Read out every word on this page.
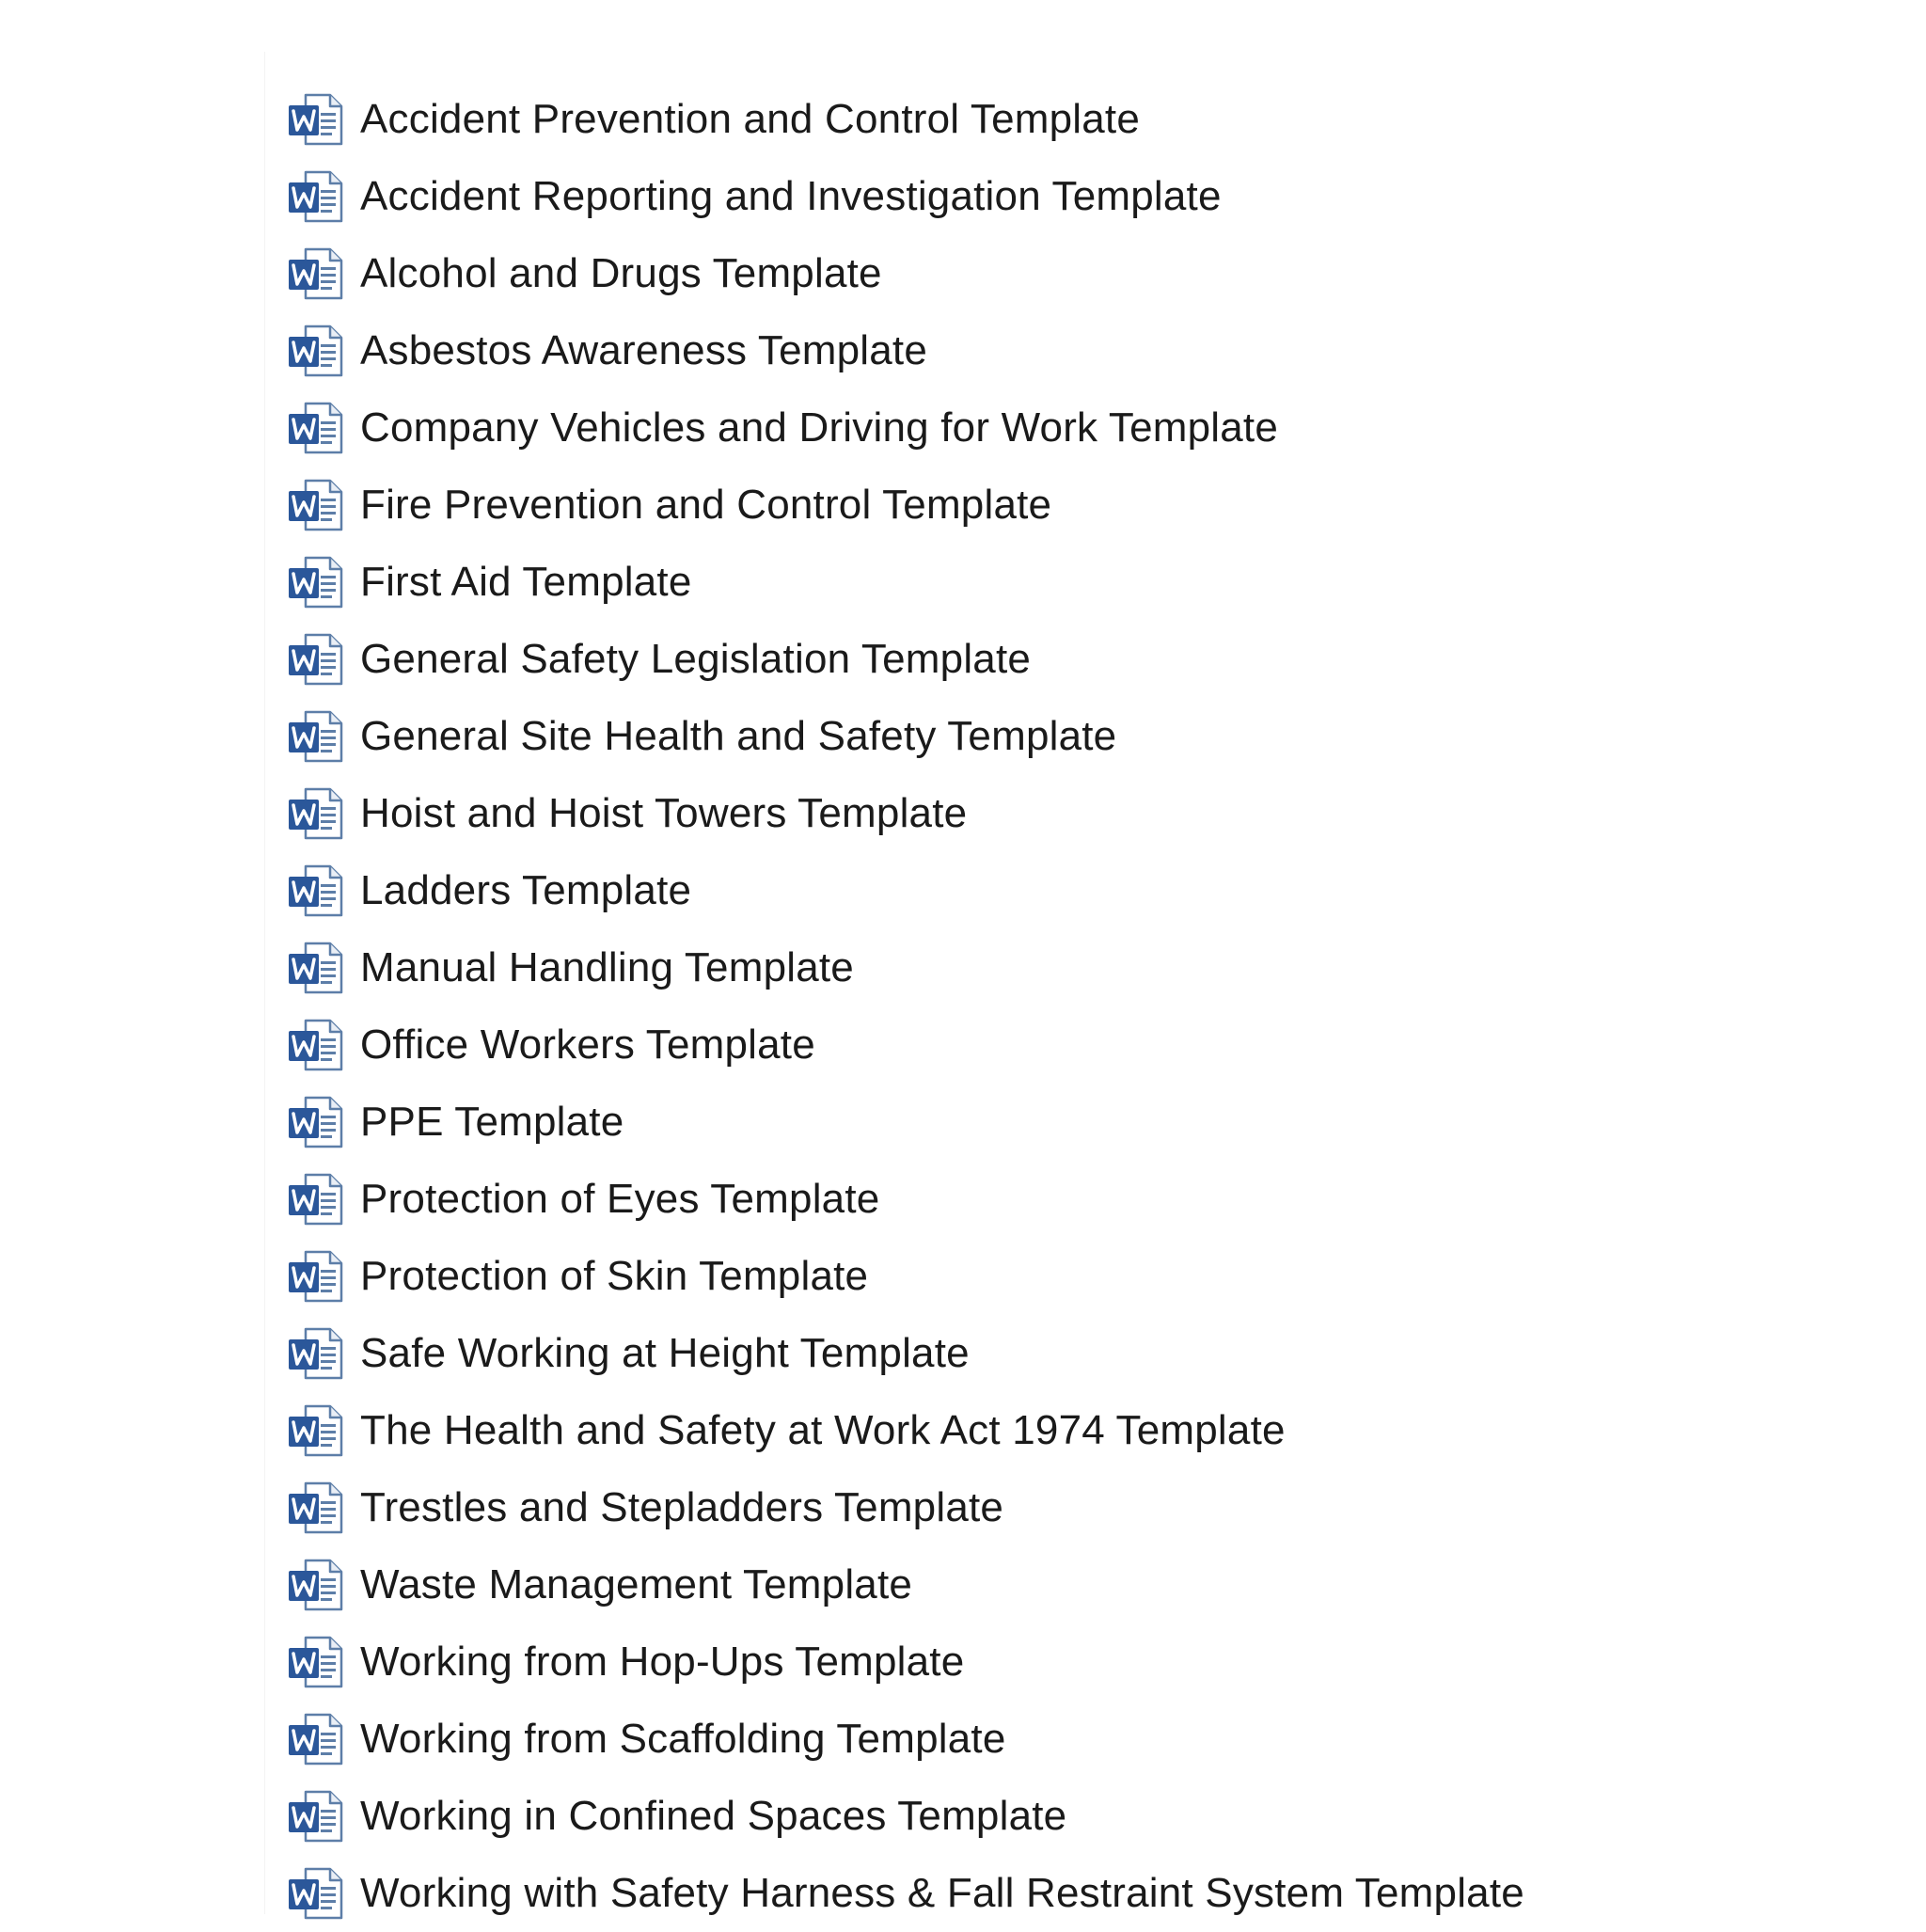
Accident Prevention and Control Template
Accident Reporting and Investigation Template
Alcohol and Drugs Template
Asbestos Awareness Template
Company Vehicles and Driving for Work Template
Fire Prevention and Control Template
First Aid Template
General Safety Legislation Template
General Site Health and Safety Template
Hoist and Hoist Towers Template
Ladders Template
Manual Handling Template
Office Workers Template
PPE Template
Protection of Eyes Template
Protection of Skin Template
Safe Working at Height Template
The Health and Safety at Work Act 1974 Template
Trestles and Stepladders Template
Waste Management Template
Working from Hop-Ups Template
Working from Scaffolding Template
Working in Confined Spaces Template
Working with Safety Harness & Fall Restraint System Template
